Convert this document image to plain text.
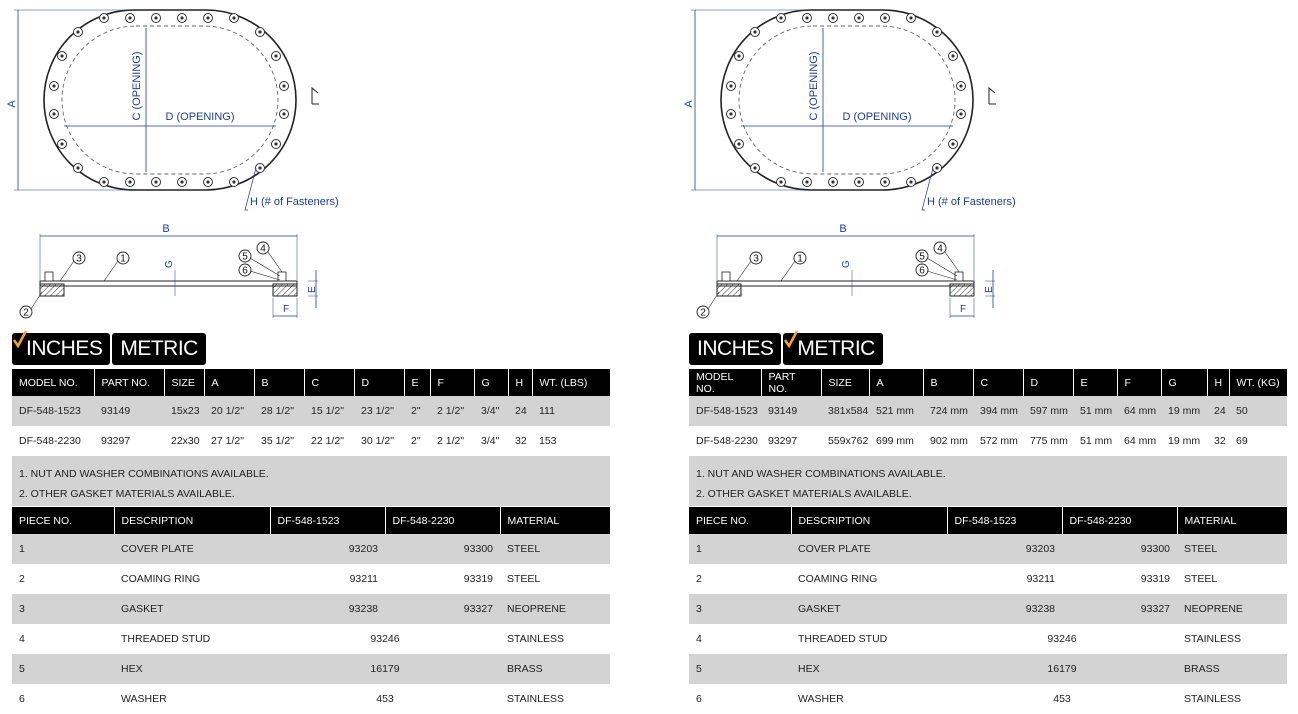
A	C (OPENING) D (OPENING)
H (# of Fasteners)
B
G
E
F
1
2
3
4
5
6
INCHES METRIC
MODEL NO.	PART NO.	SIZE	A	B	C	D	E	F	G	H	WT. (LBS)
DF-548-1523	93149	15x23	20 1/2"	28 1/2"	15 1/2"	23 1/2"	2"	2 1/2"	3/4"	24	111
DF-548-2230	93297	22x30	27 1/2"	35 1/2"	22 1/2"	30 1/2"	2"	2 1/2"	3/4"	32	153
1. NUT AND WASHER COMBINATIONS AVAILABLE.
2. OTHER GASKET MATERIALS AVAILABLE.
PIECE NO.	DESCRIPTION	DF-548-1523	DF-548-2230	MATERIAL
1	COVER PLATE	93203	93300	STEEL
2	COAMING RING	93211	93319	STEEL
3	GASKET	93238	93327	NEOPRENE
4	THREADED STUD	93246		STAINLESS
5	HEX	16179		BRASS
6	WASHER	453		STAINLESS
A	C (OPENING) D (OPENING)
H (# of Fasteners)
B
G
E
F
1
2
3
4
5
6
INCHES	METRIC
MODEL NO.	PART NO.	SIZE	A	B	C	D	E	F	G	H	WT. (KG)
DF-548-1523	93149	381x584	521 mm	724 mm	394 mm	597 mm	51 mm	64 mm	19 mm	24	50
DF-548-2230	93297	559x762	699 mm	902 mm	572 mm	775 mm	51 mm	64 mm	19 mm	32	69
1. NUT AND WASHER COMBINATIONS AVAILABLE.
2. OTHER GASKET MATERIALS AVAILABLE.
PIECE NO.	DESCRIPTION	DF-548-1523	DF-548-2230	MATERIAL
1	COVER PLATE	93203	93300	STEEL
2	COAMING RING	93211	93319	STEEL
3	GASKET	93238	93327	NEOPRENE
4	THREADED STUD	93246		STAINLESS
5	HEX	16179		BRASS
6	WASHER	453		STAINLESS
